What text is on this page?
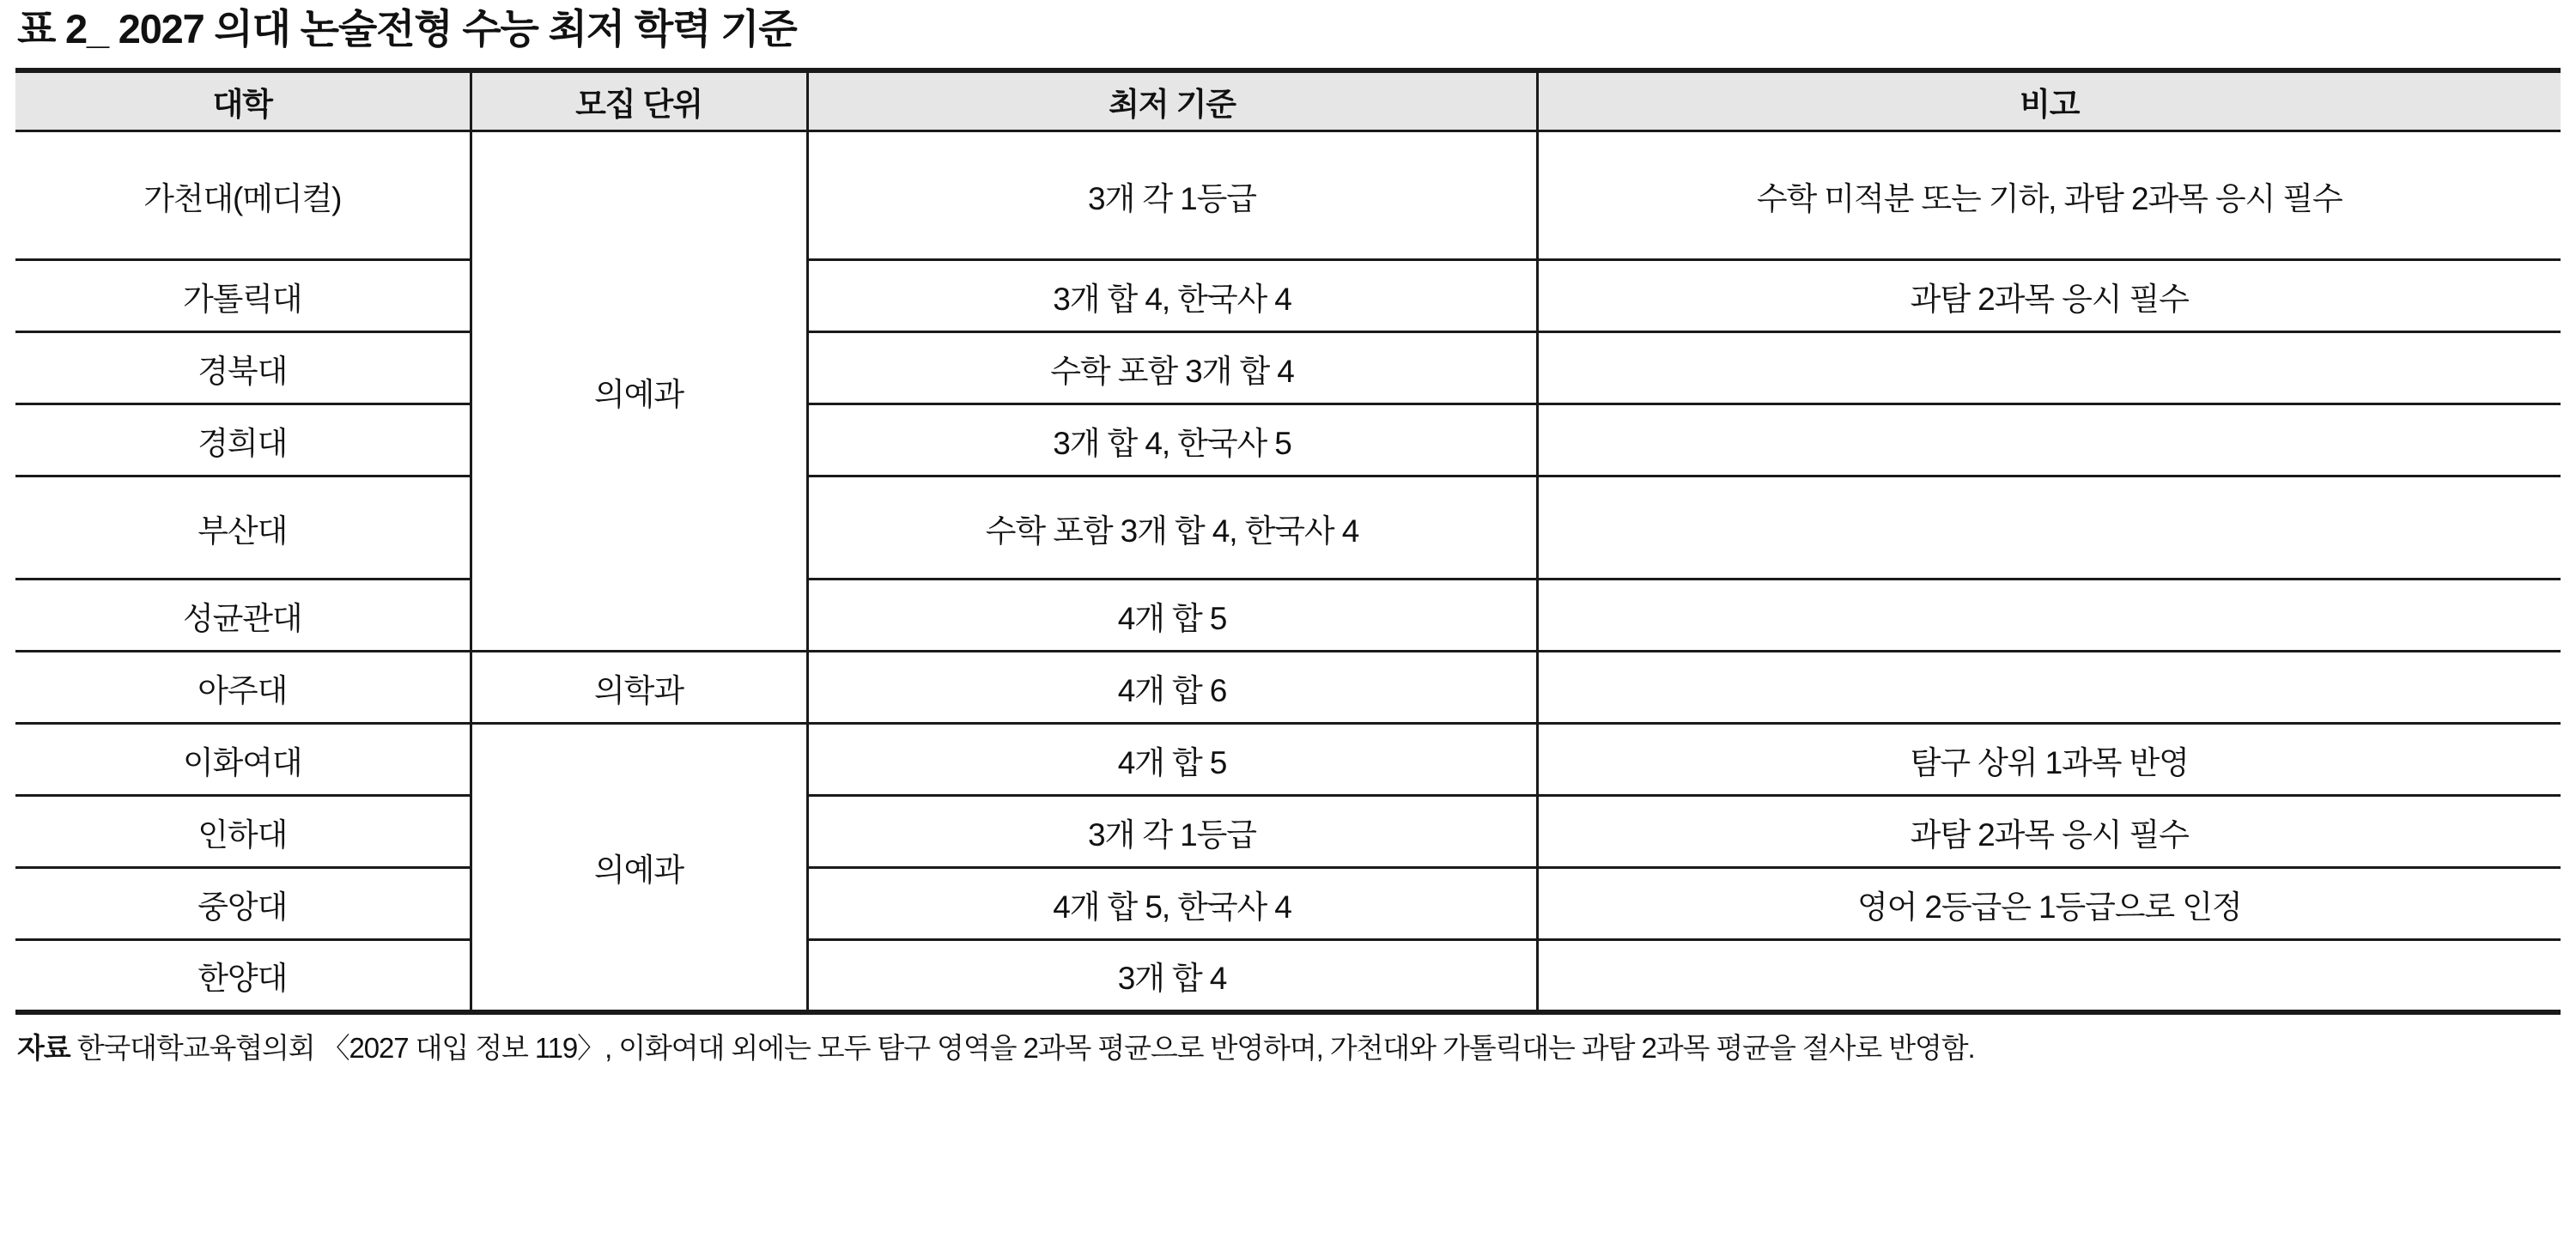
표 2_ 2027 의대 논술전형 수능 최저 학력 기준
대학	모집 단위	최저 기준	비고
가천대(메디컬)	의예과	3개 각 1등급	수학 미적분 또는 기하, 과탐 2과목 응시 필수
가톨릭대		3개 합 4, 한국사 4	과탐 2과목 응시 필수
경북대		수학 포함 3개 합 4	
경희대		3개 합 4, 한국사 5	
부산대		수학 포함 3개 합 4, 한국사 4	
성균관대		4개 합 5	
아주대	의학과	4개 합 6	
이화여대	의예과	4개 합 5	탐구 상위 1과목 반영
인하대		3개 각 1등급	과탐 2과목 응시 필수
중앙대		4개 합 5, 한국사 4	영어 2등급은 1등급으로 인정
한양대		3개 합 4	
자료 한국대학교육협의회 〈2027 대입 정보 119〉, 이화여대 외에는 모두 탐구 영역을 2과목 평균으로 반영하며, 가천대와 가톨릭대는 과탐 2과목 평균을 절사로 반영함.
